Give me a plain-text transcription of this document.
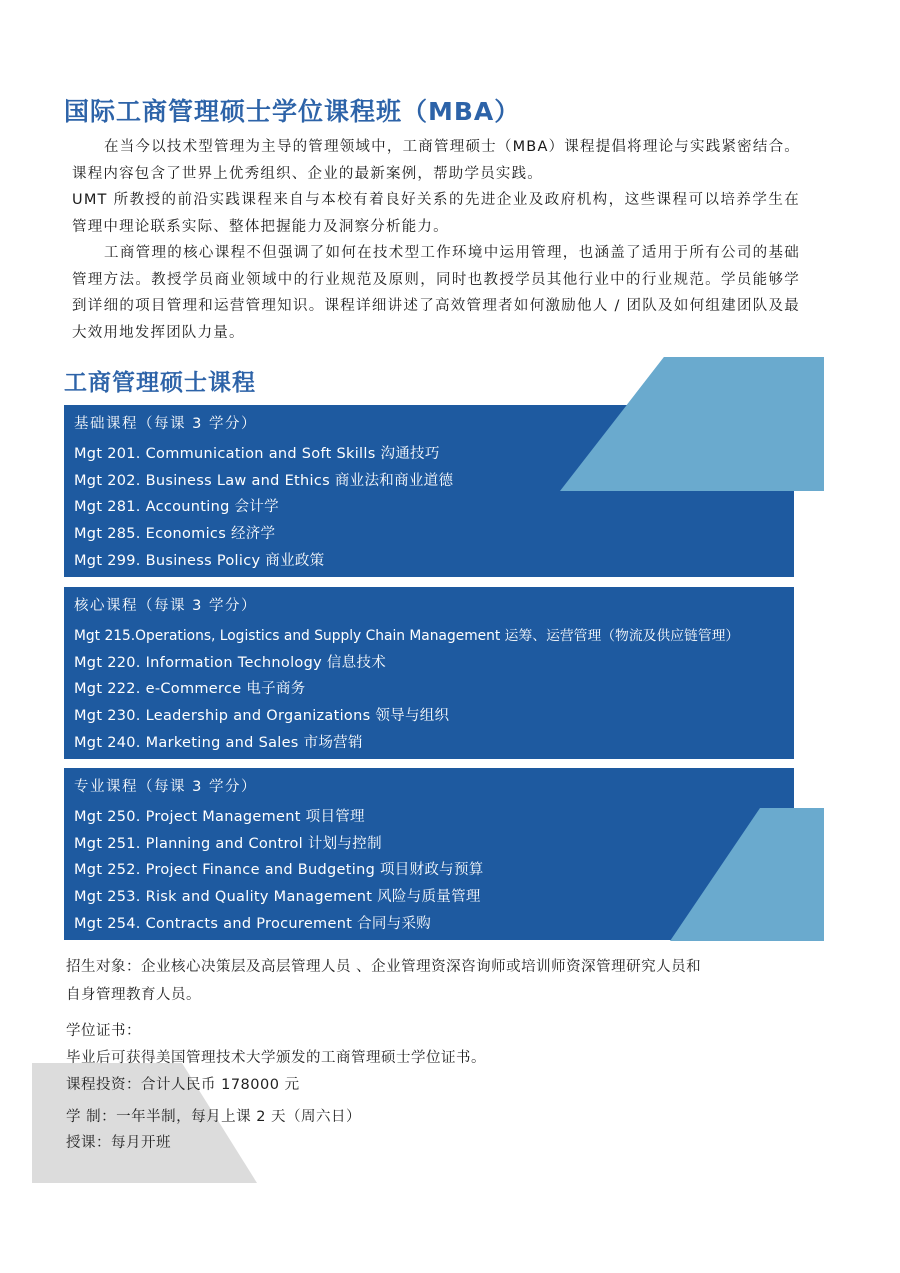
国际工商管理硕士学位课程班（MBA）

在当今以技术型管理为主导的管理领域中，工商管理硕士（MBA）课程提倡将理论与实践紧密结合。课程内容包含了世界上优秀组织、企业的最新案例，帮助学员实践。

UMT 所教授的前沿实践课程来自与本校有着良好关系的先进企业及政府机构，这些课程可以培养学生在管理中理论联系实际、整体把握能力及洞察分析能力。

工商管理的核心课程不但强调了如何在技术型工作环境中运用管理，也涵盖了适用于所有公司的基础管理方法。教授学员商业领域中的行业规范及原则，同时也教授学员其他行业中的行业规范。学员能够学到详细的项目管理和运营管理知识。课程详细讲述了高效管理者如何激励他人 / 团队及如何组建团队及最大效用地发挥团队力量。

工商管理硕士课程
基础课程（每课 3 学分）
Mgt 201. Communication and Soft Skills 沟通技巧
Mgt 202. Business Law and Ethics 商业法和商业道德
Mgt 281. Accounting 会计学
Mgt 285. Economics 经济学
Mgt 299. Business Policy 商业政策
核心课程（每课 3 学分）
Mgt 215.Operations, Logistics and Supply Chain Management 运筹、运营管理（物流及供应链管理）
Mgt 220. Information Technology 信息技术
Mgt 222. e-Commerce 电子商务
Mgt 230. Leadership and Organizations 领导与组织
Mgt 240. Marketing and Sales 市场营销
专业课程（每课 3 学分）
Mgt 250. Project Management 项目管理
Mgt 251. Planning and Control 计划与控制
Mgt 252. Project Finance and Budgeting 项目财政与预算
Mgt 253. Risk and Quality Management 风险与质量管理
Mgt 254. Contracts and Procurement 合同与采购
招生对象：企业核心决策层及高层管理人员 、企业管理资深咨询师或培训师资深管理研究人员和
自身管理教育人员。
学位证书：
毕业后可获得美国管理技术大学颁发的工商管理硕士学位证书。
课程投资：合计人民币 178000 元
学 制：一年半制，每月上课 2 天（周六日）
授课：每月开班
